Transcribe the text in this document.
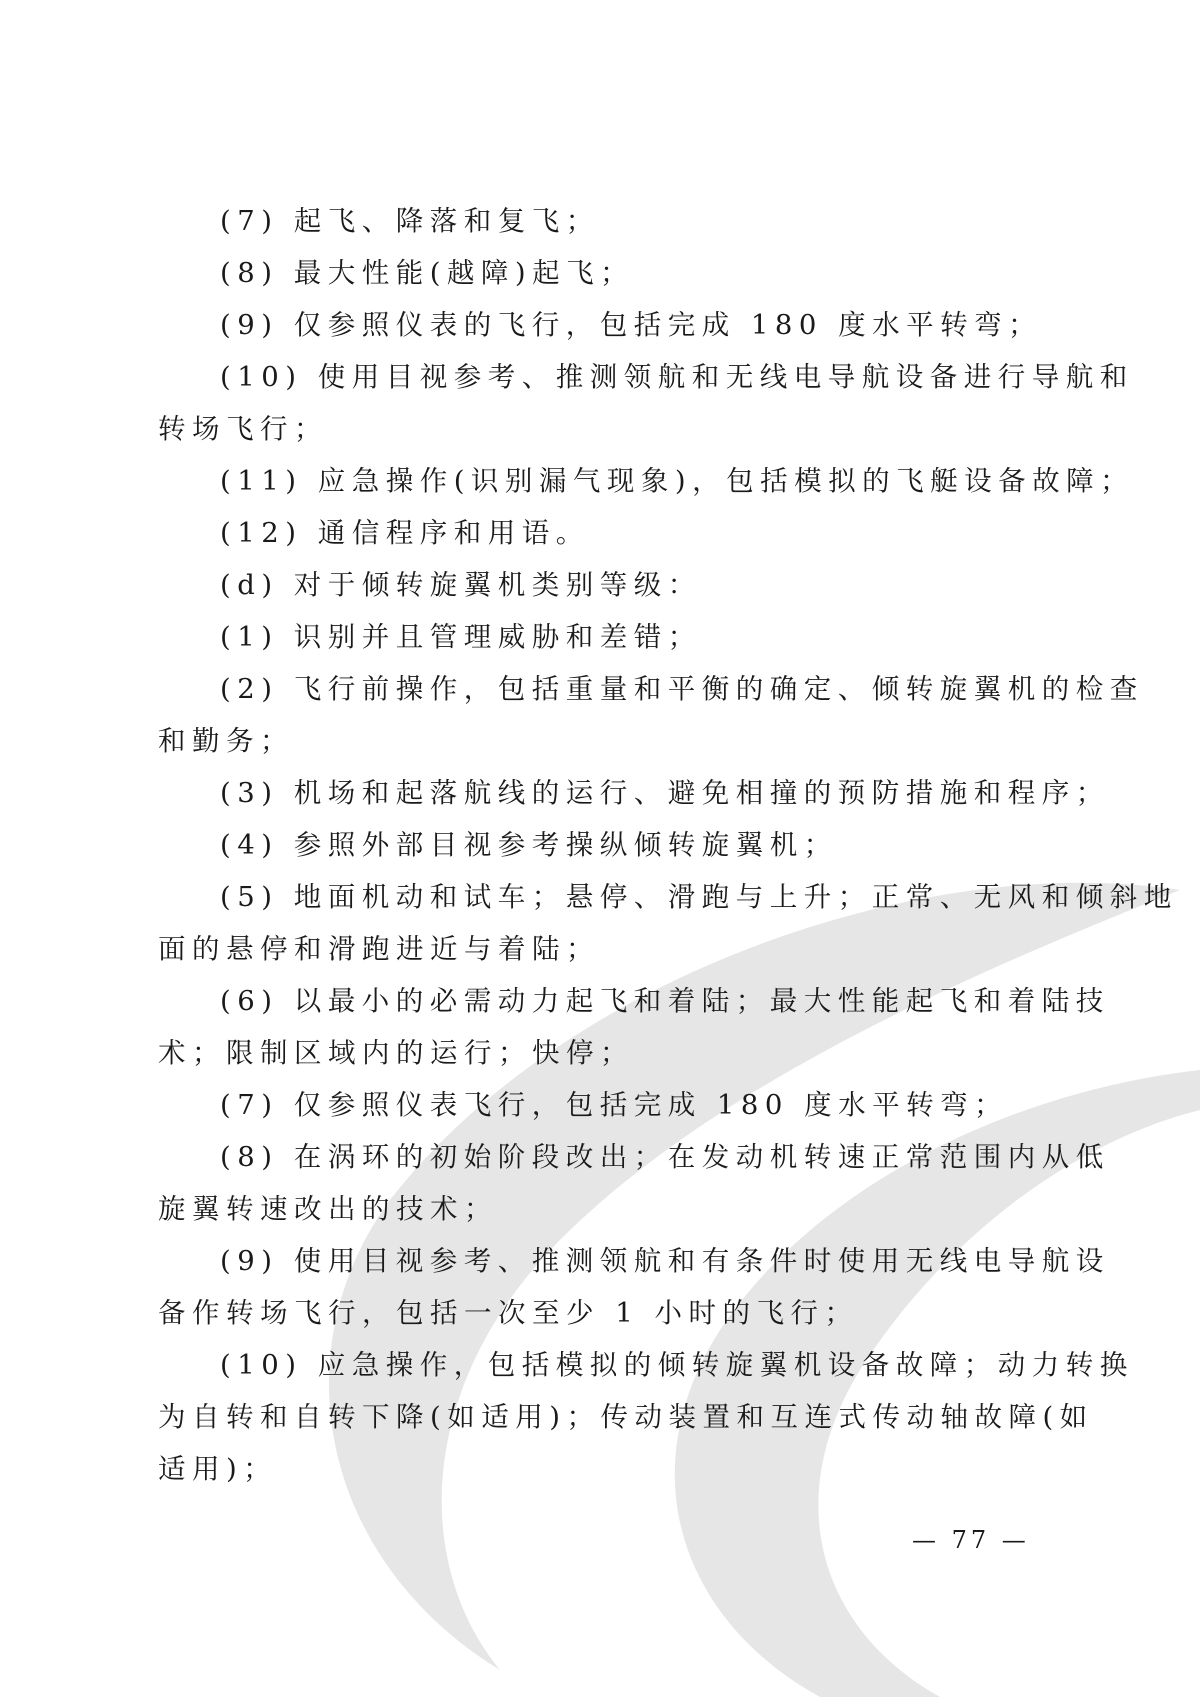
(7) 起飞、降落和复飞；
(8) 最大性能(越障)起飞；
(9) 仅参照仪表的飞行，包括完成 180 度水平转弯；
(10) 使用目视参考、推测领航和无线电导航设备进行导航和
转场飞行；
(11) 应急操作(识别漏气现象)，包括模拟的飞艇设备故障；
(12) 通信程序和用语。
(d) 对于倾转旋翼机类别等级：
(1) 识别并且管理威胁和差错；
(2) 飞行前操作，包括重量和平衡的确定、倾转旋翼机的检查
和勤务；
(3) 机场和起落航线的运行、避免相撞的预防措施和程序；
(4) 参照外部目视参考操纵倾转旋翼机；
(5) 地面机动和试车；悬停、滑跑与上升；正常、无风和倾斜地
面的悬停和滑跑进近与着陆；
(6) 以最小的必需动力起飞和着陆；最大性能起飞和着陆技
术；限制区域内的运行；快停；
(7) 仅参照仪表飞行，包括完成 180 度水平转弯；
(8) 在涡环的初始阶段改出；在发动机转速正常范围内从低
旋翼转速改出的技术；
(9) 使用目视参考、推测领航和有条件时使用无线电导航设
备作转场飞行，包括一次至少 1 小时的飞行；
(10) 应急操作，包括模拟的倾转旋翼机设备故障；动力转换
为自转和自转下降(如适用)；传动装置和互连式传动轴故障(如
适用)；
— 77 —
